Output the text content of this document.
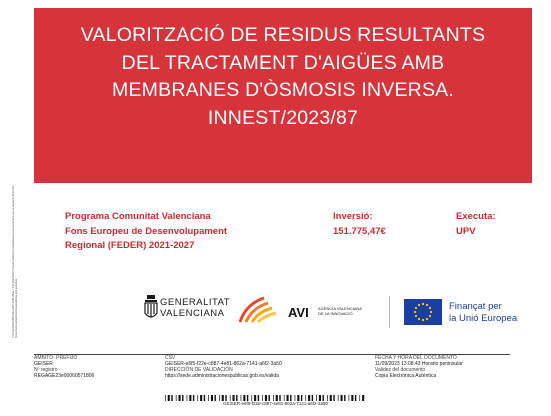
CSV:GEISER-e6f5-f22e-c887-4e81-862a-7141-a6f2-3a50 | Puede verificar la integridad de este documento en la siguiente dirección: https://sede.administracionespublicas.gob.es/valida
VALORITZACIÓ DE RESIDUS RESULTANTS
DEL TRACTAMENT D'AIGÜES AMB
MEMBRANES D'ÒSMOSIS INVERSA.
INNEST/2023/87
Programa Comunitat Valenciana
Fons Europeu de Desenvolupament
Regional (FEDER) 2021-2027
Inversió:
151.775,47€
Executa:
UPV
GENERALITAT
VALENCIANA	AVI AGÈNCIA VALENCIANA
DE LA INNOVACIÓ
Finançat per
la Unió Europea
ÁMBITO- PREFIJO
GEISER
Nº registro
REGAGE23e00060571806
CSV
GEISER-e6f5-f22e-c887-4e81-862a-7141-a6f2-3a50
DIRECCIÓN DE VALIDACIÓN
https://sede.administracionespublicas.gob.es/valida
FECHA Y HORA DEL DOCUMENTO
11/09/2023 13:08:43 Horario peninsular
Validez del documento
Copia Electrónica Auténtica
GEISER-e6f5-f22e-c887-4e81-862a-7141-a6f2-3a50
